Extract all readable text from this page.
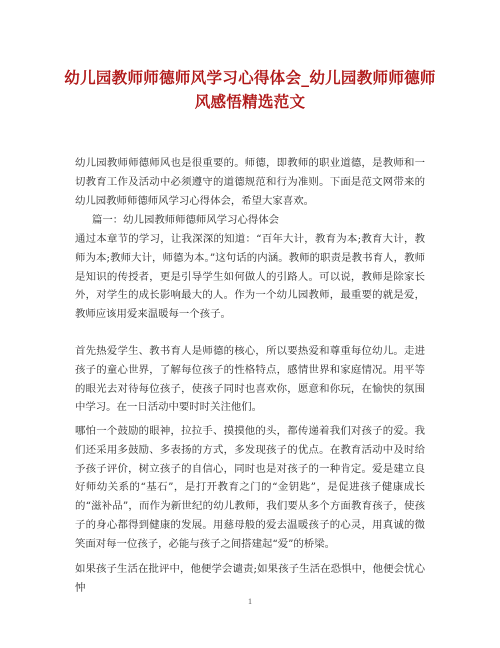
幼儿园教师师德师风学习心得体会_幼儿园教师师德师风感悟精选范文

幼儿园教师师德师风也是很重要的。师德，即教师的职业道德，是教师和一切教育工作及活动中必须遵守的道德规范和行为准则。下面是范文网带来的幼儿园教师师德师风学习心得体会，希望大家喜欢。

篇一：幼儿园教师师德师风学习心得体会

通过本章节的学习，让我深深的知道：“百年大计，教育为本;教育大计，教师为本;教师大计，师德为本。”这句话的内涵。教师的职责是教书育人，教师是知识的传授者，更是引导学生如何做人的引路人。可以说，教师是除家长外，对学生的成长影响最大的人。作为一个幼儿园教师，最重要的就是爱，教师应该用爱来温暖每一个孩子。

首先热爱学生、教书育人是师德的核心，所以要热爱和尊重每位幼儿。走进孩子的童心世界，了解每位孩子的性格特点，感情世界和家庭情况。用平等的眼光去对待每位孩子，使孩子同时也喜欢你，愿意和你玩，在愉快的氛围中学习。在一日活动中要时时关注他们。

哪怕一个鼓励的眼神，拉拉手、摸摸他的头，都传递着我们对孩子的爱。我们还采用多鼓励、多表扬的方式，多发现孩子的优点。在教育活动中及时给予孩子评价，树立孩子的自信心，同时也是对孩子的一种肯定。爱是建立良好师幼关系的“基石”，是打开教育之门的“金钥匙”，是促进孩子健康成长的“滋补品”，而作为新世纪的幼儿教师，我们要从多个方面教育孩子，使孩子的身心都得到健康的发展。用慈母般的爱去温暖孩子的心灵，用真诚的微笑面对每一位孩子，必能与孩子之间搭建起“爱”的桥梁。

如果孩子生活在批评中，他便学会谴责;如果孩子生活在恐惧中，他便会忧心忡

1
